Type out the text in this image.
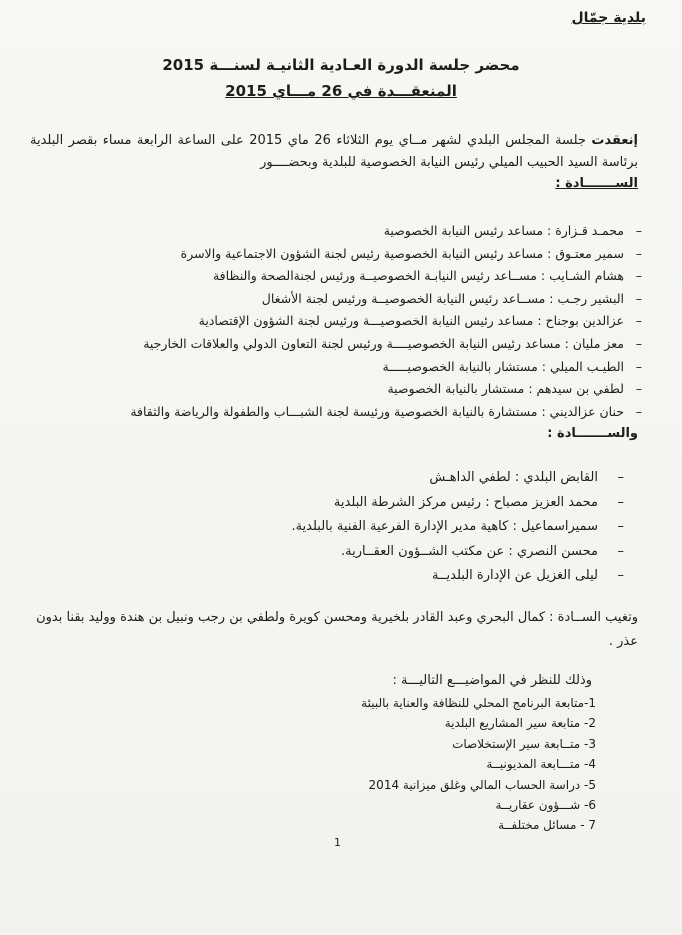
بلدية جمّال
محضر جلسة الدورة العـادية الثانيـة لسنـــة 2015
المنعقـــدة في 26 مـــاي 2015
إنعقدت جلسة المجلس البلدي لشهر مــاي يوم الثلاثاء 26 ماي 2015 على الساعة الرابعة مساء بقصر البلدية برئاسة السيد الحبيب الميلي رئيس النيابة الخصوصية للبلدية وبحضــــور
الســـــــادة :
–محمـد قـزارة : مساعد رئيس النيابة الخصوصية
–سمير معتـوق : مساعد رئيس النيابة الخصوصية رئيس لجنة الشؤون الاجتماعية والاسرة
–هشام الشـايب : مســاعد رئيس النيابـة الخصوصيــة ورئيس لجنةالصحة والنظافة
–البشير رجـب : مســاعد رئيس النيابة الخصوصيــة ورئيس لجنة الأشغال
–عزالدين بوجناح : مساعد رئيس النيابة الخصوصيـــة ورئيس لجنة الشؤون الإقتصادية
–معز مليان : مساعد رئيس النيابة الخصوصيــــة ورئيس لجنة التعاون الدولي والعلاقات الخارجية
–الطيـب الميلي : مستشار بالنيابة الخصوصيـــــة
–لطفي بن سيدهم : مستشار بالنيابة الخصوصية
–حنان عزالديني : مستشارة بالنيابة الخصوصية ورئيسة لجنة الشبـــاب والطفولة والرياضة والثقافة
والســـــــادة :
–القابض البلدي : لطفي الداهـش
–محمد العزيز مصباح : رئيس مركز الشرطة البلدية
–سميراسماعيل : كاهية مدير الإدارة الفرعية الفنية بالبلدية.
–محسن النصري : عن مكتب الشــؤون العقــارية.
–ليلى الغزيل عن الإدارة البلديــة
وتغيب الســادة : كمال البحري وعبد القادر بلخيرية ومحسن كويرة ولطفي بن رجب ونبيل بن هندة ووليد بقنا بدون عذر .
وذلك للنظر في المواضيـــع التاليـــة :
1-متابعة البرنامج المحلي للنظافة والعناية بالبيئة
2- متابعة سير المشاريع البلدية
3- متــابعة سير الإستخلاصات
4- متـــابعة المديونيــة
5- دراسة الحساب المالي وغلق ميزانية 2014
6- شـــؤون عقاريــة
7 - مسائل مختلفــة
1
